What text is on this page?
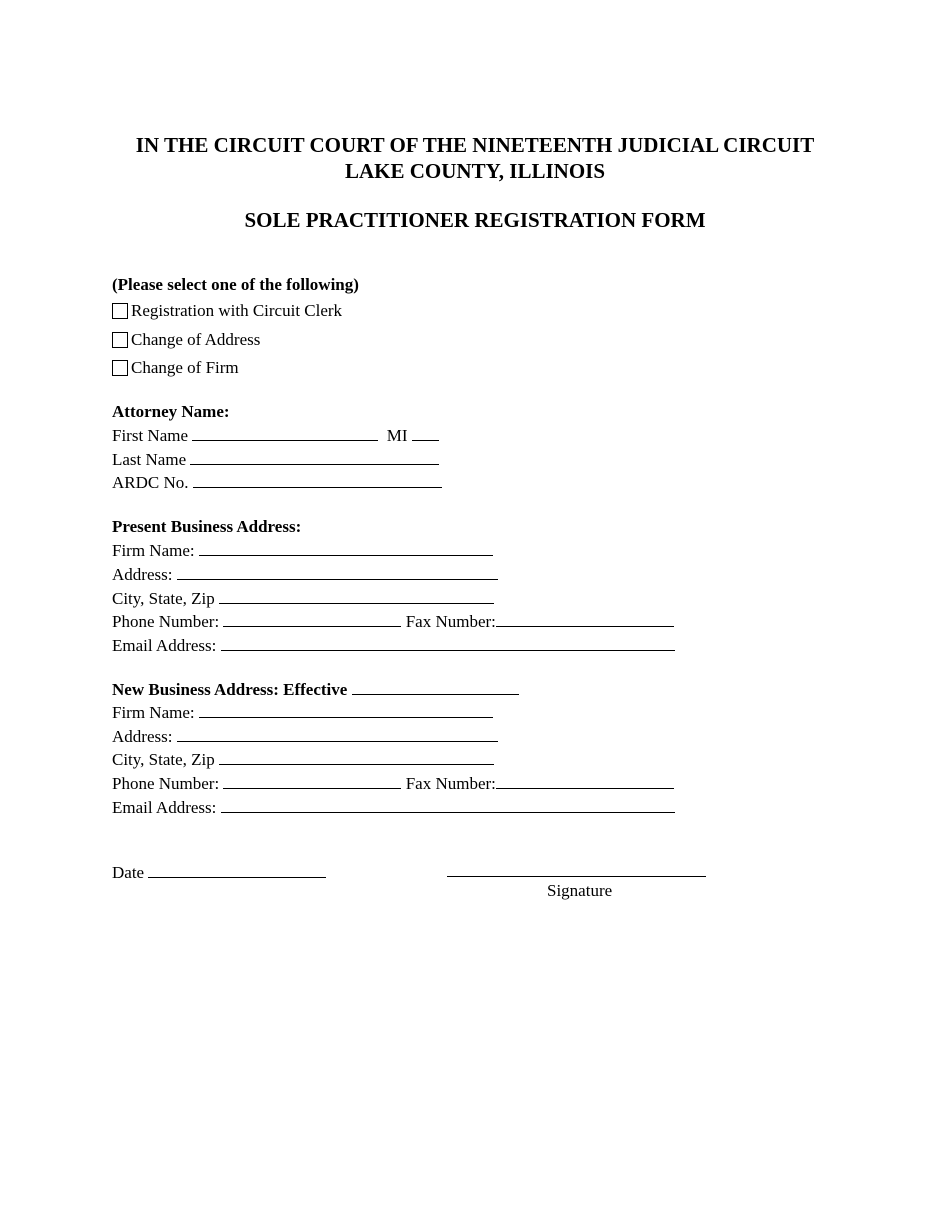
IN THE CIRCUIT COURT OF THE NINETEENTH JUDICIAL CIRCUIT
LAKE COUNTY, ILLINOIS
SOLE PRACTITIONER REGISTRATION FORM
(Please select one of the following)
Registration with Circuit Clerk
Change of Address
Change of Firm
Attorney Name:
First Name	MI
Last Name
ARDC No.
Present Business Address:
Firm Name:
Address:
City, State, Zip
Phone Number:	Fax Number:
Email Address:
New Business Address: Effective
Firm Name:
Address:
City, State, Zip
Phone Number:	Fax Number:
Email Address:
Date
Signature
